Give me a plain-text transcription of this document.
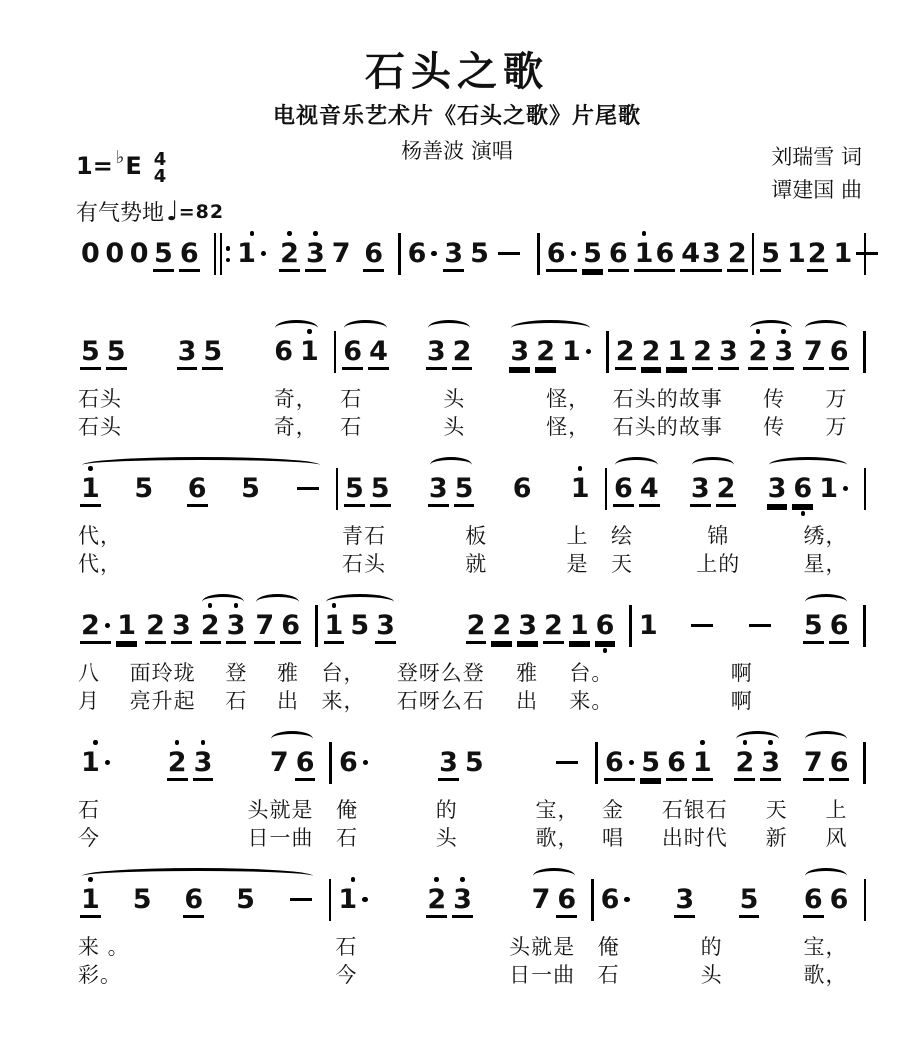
石头之歌
电视音乐艺术片《石头之歌》片尾歌
杨善波 演唱	刘瑞雪 词
谭建国 曲
1= ♭ E 4
4
有气势地 ♩ =82
0 0 0 5 6 1 2 3 7 6 6 3 5 6 5 6 1 6 4 3 2 5 1 2 1
5 5 3 5 6 1
石头	奇，
石头	奇，
6 4 3 2 3 2 1
石	头	怪，
石	头	怪，
2 2 1 2 3 2 3 7 6
石头的故事 传 万
石头的故事 传 万
1 5 6 5
代，
代，
5 5 3 5 6 1
青石	板	上
石头	就	是
6 4 3 2 3 6 1
绘	锦	绣，
天	上的	星，
2 1 2 3 2 3 7 6
八 面玲珑 登 雅
月 亮升起 石 出
1 5 3	2 2 3 2 1 6
台， 登呀么登 雅 台。
来， 石呀么石 出 来。
1	5 6
啊
啊
1	2 3 7 6
石	头就是
今	日一曲
6	3 5
俺	的	宝，
石	头	歌，
6 5 6 1 2 3 7 6
金 石银石 天 上
唱 出时代 新 风
1 5 6 5
来 。
彩。
1	2 3 7 6
石	头就是
今	日一曲
6 3 5 6 6
俺	的	宝，
石	头	歌，
